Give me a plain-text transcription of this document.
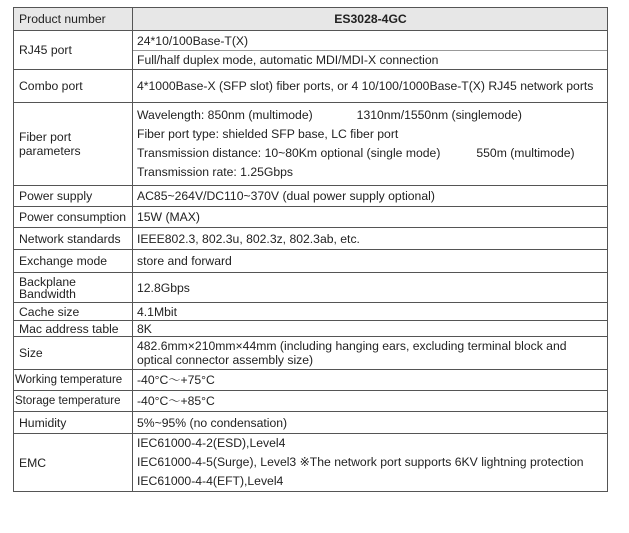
Product number	ES3028-4GC
RJ45 port	24*10/100Base-T(X)
Full/half duplex mode, automatic MDI/MDI-X connection

Combo port	4*1000Base-X (SFP slot) fiber ports, or 4 10/100/1000Base-T(X) RJ45 network ports
Fiber port parameters	Wavelength: 850nm (multimode) 1310nm/1550nm (singlemode)
Fiber port type: shielded SFP base, LC fiber port
Transmission distance: 10~80Km optional (single mode) 550m (multimode)
Transmission rate: 1.25Gbps

Power supply	AC85~264V/DC110~370V (dual power supply optional)
Power consumption	15W (MAX)
Network standards	IEEE802.3, 802.3u, 802.3z, 802.3ab, etc.
Exchange mode	store and forward
Backplane Bandwidth	12.8Gbps
Cache size	4.1Mbit
Mac address table	8K
Size	482.6mm×210mm×44mm (including hanging ears, excluding terminal block and optical connector assembly size)
Working temperature	-40°C〜+75°C
Storage temperature	-40°C〜+85°C
Humidity	5%~95% (no condensation)
EMC	IEC61000-4-2(ESD),Level4
IEC61000-4-5(Surge), Level3 ※The network port supports 6KV lightning protection
IEC61000-4-4(EFT),Level4
